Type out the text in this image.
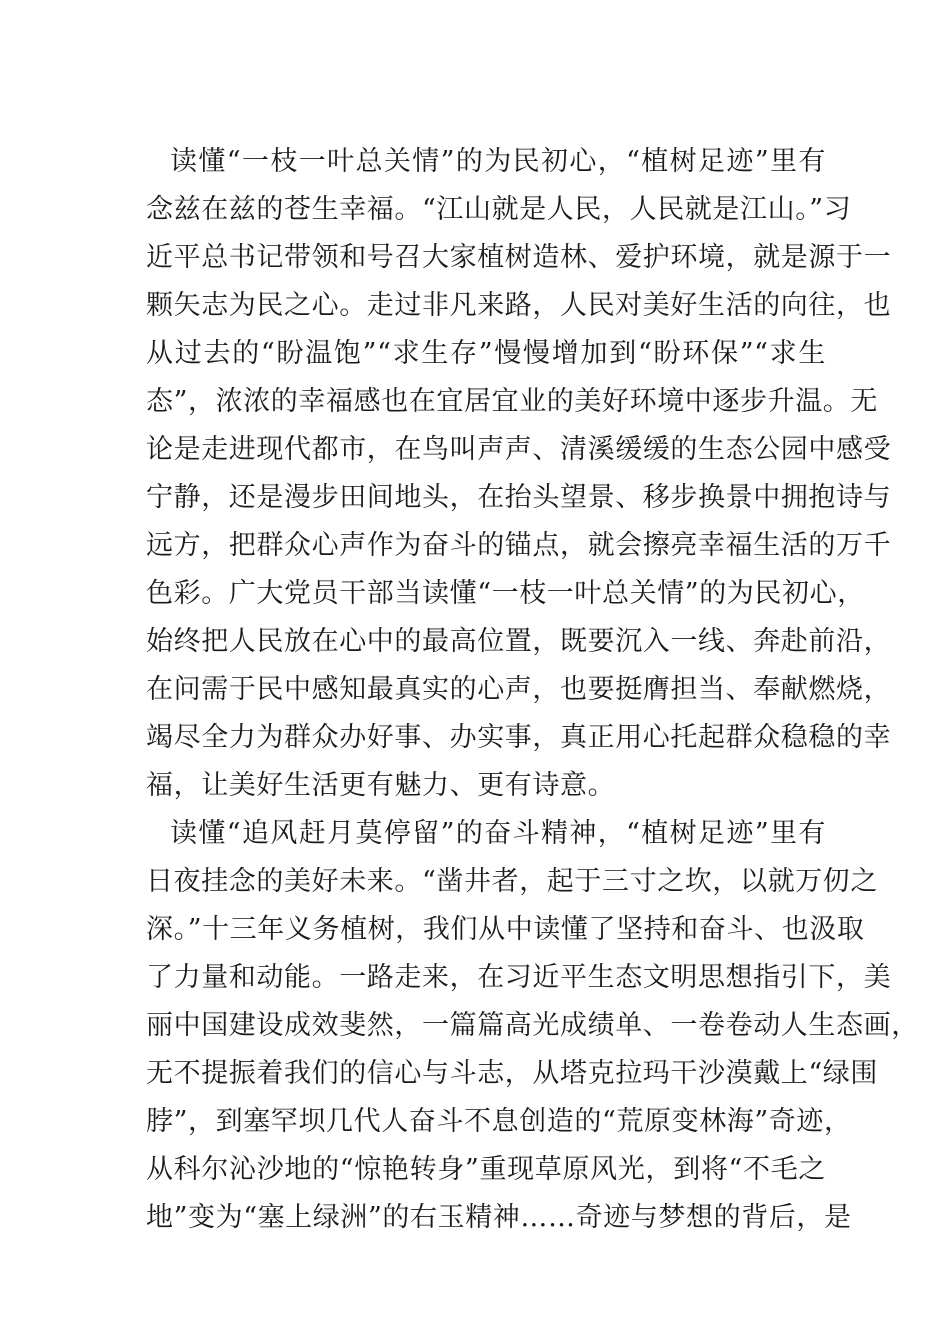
读懂“一枝一叶总关情”的为民初心，“植树足迹”里有
念兹在兹的苍生幸福。“江山就是人民，人民就是江山。”习
近平总书记带领和号召大家植树造林、爱护环境，就是源于一
颗矢志为民之心。走过非凡来路，人民对美好生活的向往，也
从过去的“盼温饱”“求生存”慢慢增加到“盼环保”“求生
态”，浓浓的幸福感也在宜居宜业的美好环境中逐步升温。无
论是走进现代都市，在鸟叫声声、清溪缓缓的生态公园中感受
宁静，还是漫步田间地头，在抬头望景、移步换景中拥抱诗与
远方，把群众心声作为奋斗的锚点，就会擦亮幸福生活的万千
色彩。广大党员干部当读懂“一枝一叶总关情”的为民初心，
始终把人民放在心中的最高位置，既要沉入一线、奔赴前沿，
在问需于民中感知最真实的心声，也要挺膺担当、奉献燃烧，
竭尽全力为群众办好事、办实事，真正用心托起群众稳稳的幸
福，让美好生活更有魅力、更有诗意。
读懂“追风赶月莫停留”的奋斗精神，“植树足迹”里有
日夜挂念的美好未来。“凿井者，起于三寸之坎，以就万仞之
深。”十三年义务植树，我们从中读懂了坚持和奋斗、也汲取
了力量和动能。一路走来，在习近平生态文明思想指引下，美
丽中国建设成效斐然，一篇篇高光成绩单、一卷卷动人生态画，
无不提振着我们的信心与斗志，从塔克拉玛干沙漠戴上“绿围
脖”，到塞罕坝几代人奋斗不息创造的“荒原变林海”奇迹，
从科尔沁沙地的“惊艳转身”重现草原风光，到将“不毛之
地”变为“塞上绿洲”的右玉精神……奇迹与梦想的背后，是
